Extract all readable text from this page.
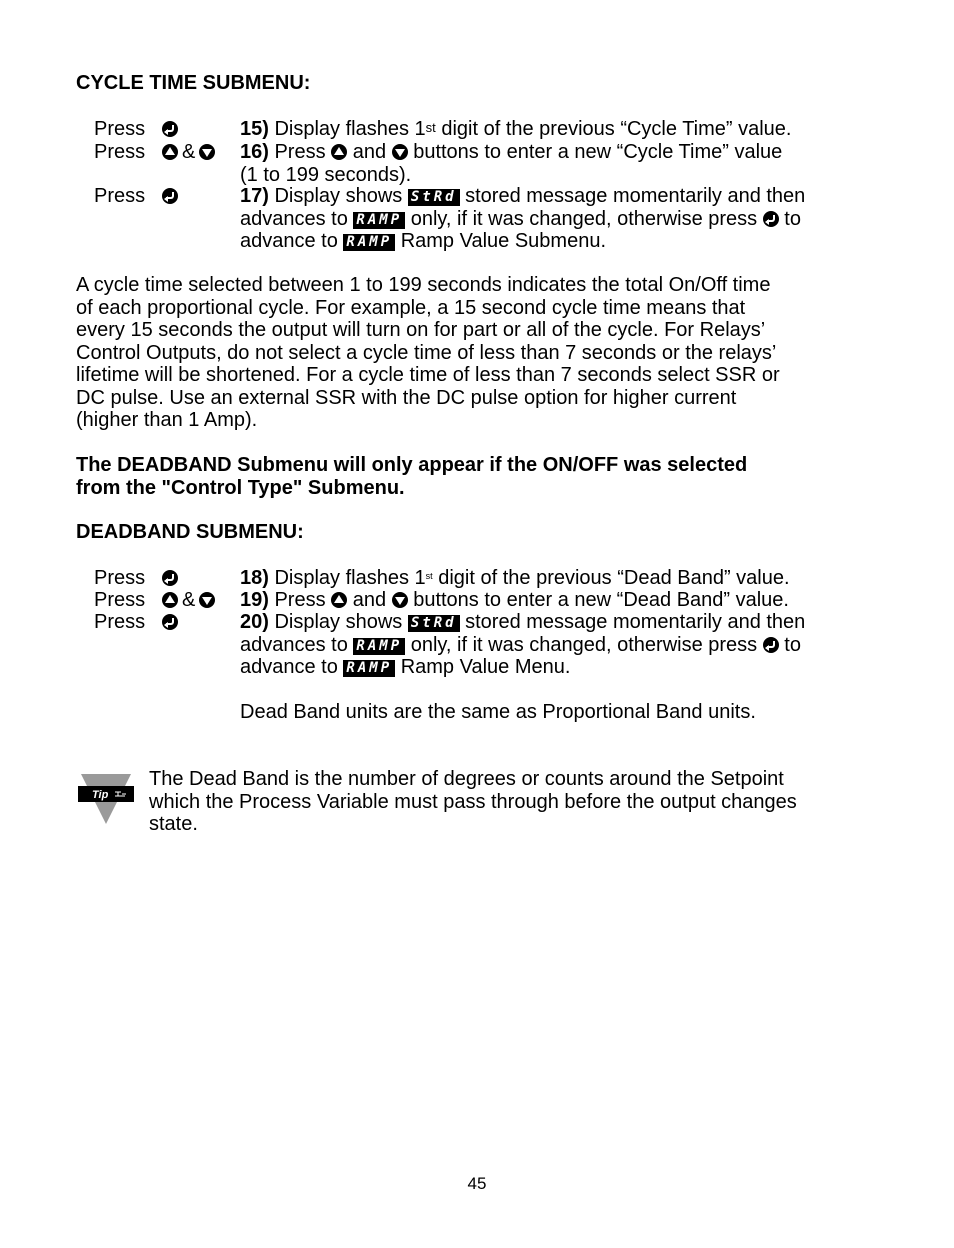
CYCLE TIME SUBMENU:
Press	15) Display flashes 1st digit of the previous “Cycle Time” value.
Press	&	16) Press  and  buttons to enter a new “Cycle Time” value
(1 to 199 seconds).
Press	17) Display shows StRd stored message momentarily and then
advances to RAMP only, if it was changed, otherwise press  to
advance to RAMP Ramp Value Submenu.
A cycle time selected between 1 to 199 seconds indicates the total On/Off time
of each proportional cycle. For example, a 15 second cycle time means that
every 15 seconds the output will turn on for part or all of the cycle. For Relays’
Control Outputs, do not select a cycle time of less than 7 seconds or the relays’
lifetime will be shortened. For a cycle time of less than 7 seconds select SSR or
DC pulse. Use an external SSR with the DC pulse option for higher current
(higher than 1 Amp).
The DEADBAND Submenu will only appear if the ON/OFF was selected
from the "Control Type" Submenu.
DEADBAND SUBMENU:
Press	18) Display flashes 1st digit of the previous “Dead Band” value.
Press	&	19) Press  and  buttons to enter a new “Dead Band” value.
Press	20) Display shows StRd stored message momentarily and then
advances to RAMP only, if it was changed, otherwise press  to
advance to RAMP Ramp Value Menu.
Dead Band units are the same as Proportional Band units.
Tip
The Dead Band is the number of degrees or counts around the Setpoint
which the Process Variable must pass through before the output changes
state.
45
